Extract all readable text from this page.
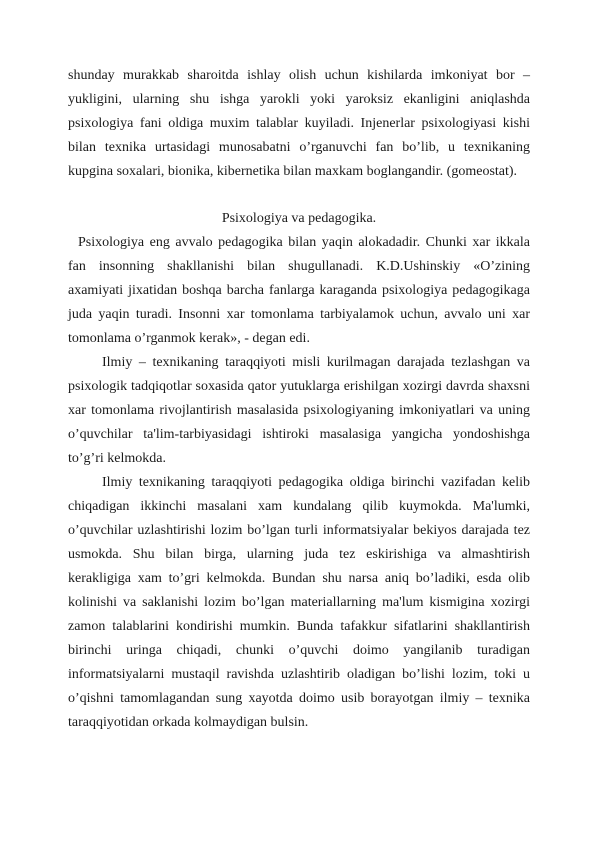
shunday murakkab sharoitda ishlay olish uchun kishilarda imkoniyat bor – yukligini, ularning shu ishga yarokli yoki yaroksiz ekanligini aniqlashda psixologiya fani oldiga muxim talablar kuyiladi. Injenerlar psixologiyasi kishi bilan texnika urtasidagi munosabatni o’rganuvchi fan bo’lib, u texnikaning kupgina soxalari, bionika, kibernetika bilan maxkam boglangandir. (gomeostat).

Psixologiya va pedagogika.

Psixologiya eng avvalo pedagogika bilan yaqin alokadadir. Chunki xar ikkala fan insonning shakllanishi bilan shugullanadi. K.D.Ushinskiy «O’zining axamiyati jixatidan boshqa barcha fanlarga karaganda psixologiya pedagogikaga juda yaqin turadi. Insonni xar tomonlama tarbiyalamok uchun, avvalo uni xar tomonlama o’rganmok kerak», - degan edi.

Ilmiy – texnikaning taraqqiyoti misli kurilmagan darajada tezlashgan va psixologik tadqiqotlar soxasida qator yutuklarga erishilgan xozirgi davrda shaxsni xar tomonlama rivojlantirish masalasida psixologiyaning imkoniyatlari va uning o’quvchilar ta'lim-tarbiyasidagi ishtiroki masalasiga yangicha yondoshishga to’g’ri kelmokda.

Ilmiy texnikaning taraqqiyoti pedagogika oldiga birinchi vazifadan kelib chiqadigan ikkinchi masalani xam kundalang qilib kuymokda. Ma'lumki, o’quvchilar uzlashtirishi lozim bo’lgan turli informatsiyalar bekiyos darajada tez usmokda. Shu bilan birga, ularning juda tez eskirishiga va almashtirish kerakligiga xam to’gri kelmokda. Bundan shu narsa aniq bo’ladiki, esda olib kolinishi va saklanishi lozim bo’lgan materiallarning ma'lum kismigina xozirgi zamon talablarini kondirishi mumkin. Bunda tafakkur sifatlarini shakllantirish birinchi uringa chiqadi, chunki o’quvchi doimo yangilanib turadigan informatsiyalarni mustaqil ravishda uzlashtirib oladigan bo’lishi lozim, toki u o’qishni tamomlagandan sung xayotda doimo usib borayotgan ilmiy – texnika taraqqiyotidan orkada kolmaydigan bulsin.
